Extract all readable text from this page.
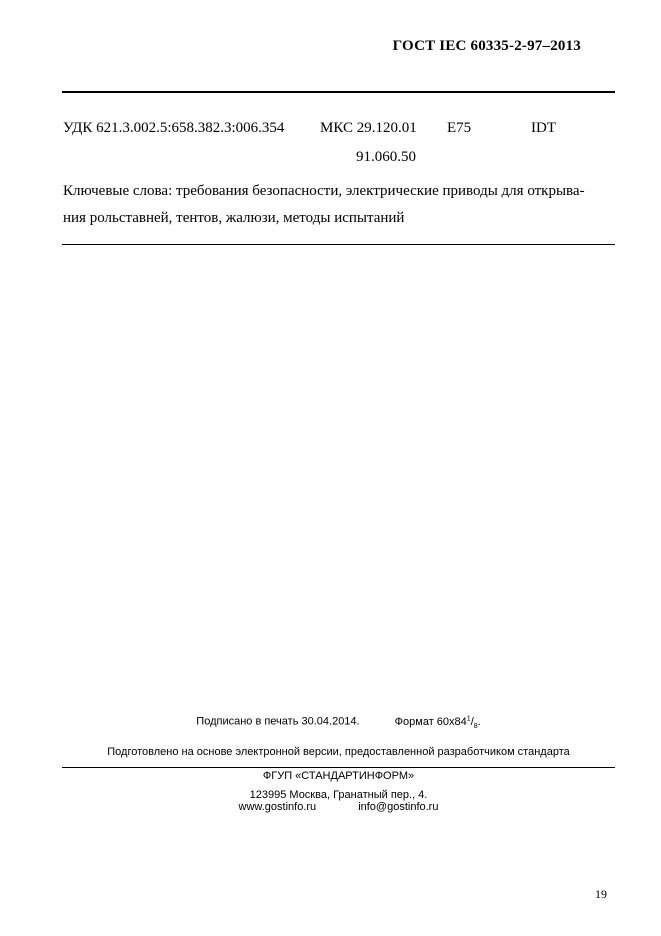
ГОСТ IEC 60335-2-97–2013
УДК 621.3.002.5:658.382.3:006.354 МКС 29.120.01 E75	IDT
91.060.50

Ключевые слова: требования безопасности, электрические приводы для открыва-

ния рольставней, тентов, жалюзи, методы испытаний

Подписано в печать 30.04.2014.	Формат $60x84^1/_8$.
Подготовлено на основе электронной версии, предоставленной разработчиком стандарта
ФГУП «СТАНДАРТИНФОРМ»
123995 Москва, Гранатный пер., 4.
www.gostinfo.ru	info@gostinfo.ru
19
